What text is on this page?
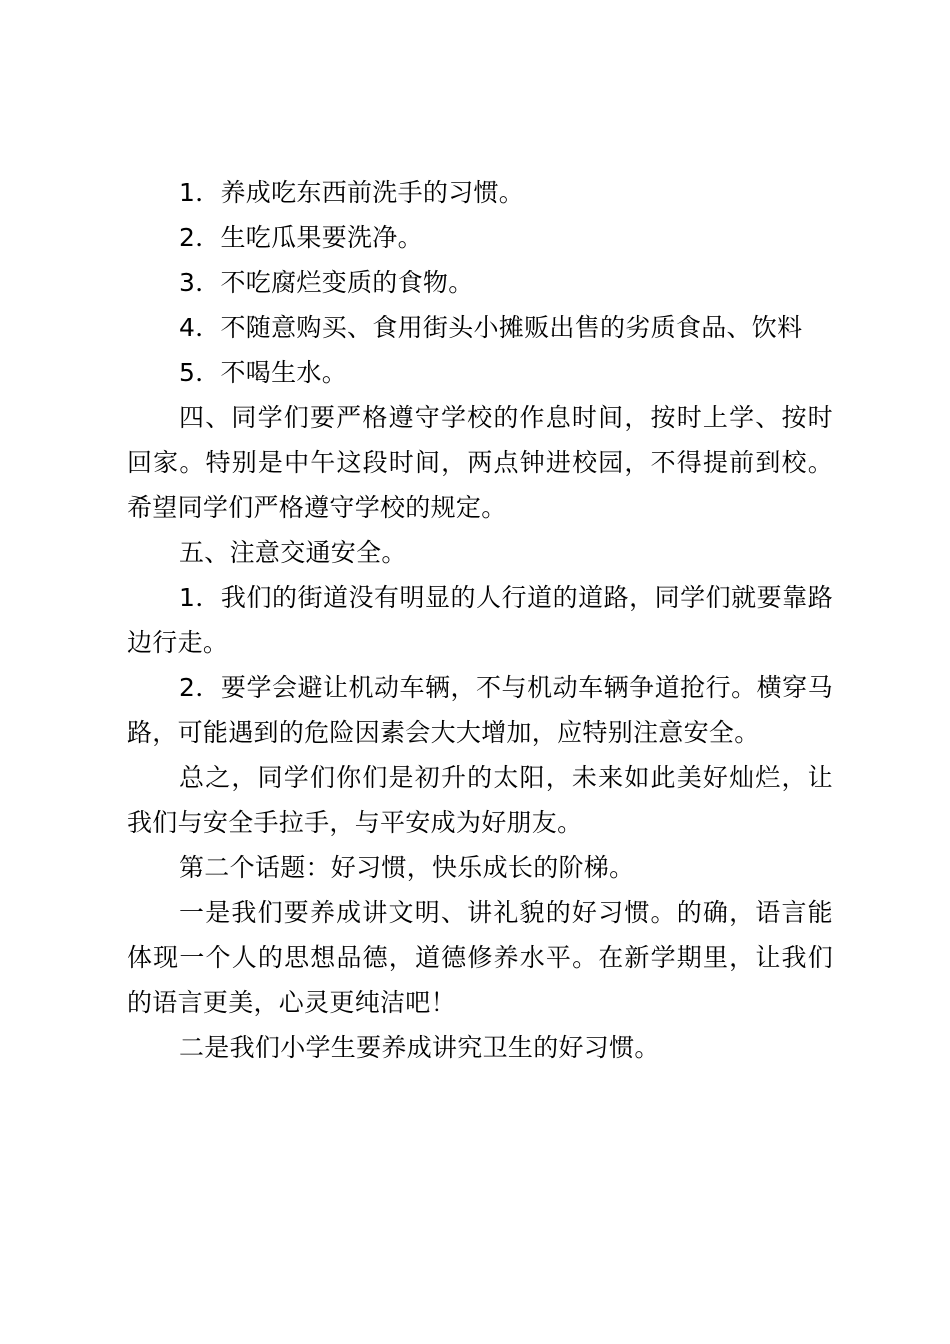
1．养成吃东西前洗手的习惯。

2．生吃瓜果要洗净。

3．不吃腐烂变质的食物。

4．不随意购买、食用街头小摊贩出售的劣质食品、饮料

5．不喝生水。

四、同学们要严格遵守学校的作息时间，按时上学、按时回家。特别是中午这段时间，两点钟进校园，不得提前到校。希望同学们严格遵守学校的规定。

五、注意交通安全。

1．我们的街道没有明显的人行道的道路，同学们就要靠路边行走。

2．要学会避让机动车辆，不与机动车辆争道抢行。横穿马路，可能遇到的危险因素会大大增加，应特别注意安全。

总之，同学们你们是初升的太阳，未来如此美好灿烂，让我们与安全手拉手，与平安成为好朋友。

第二个话题：好习惯，快乐成长的阶梯。

一是我们要养成讲文明、讲礼貌的好习惯。的确，语言能体现一个人的思想品德，道德修养水平。在新学期里，让我们的语言更美，心灵更纯洁吧！

二是我们小学生要养成讲究卫生的好习惯。
